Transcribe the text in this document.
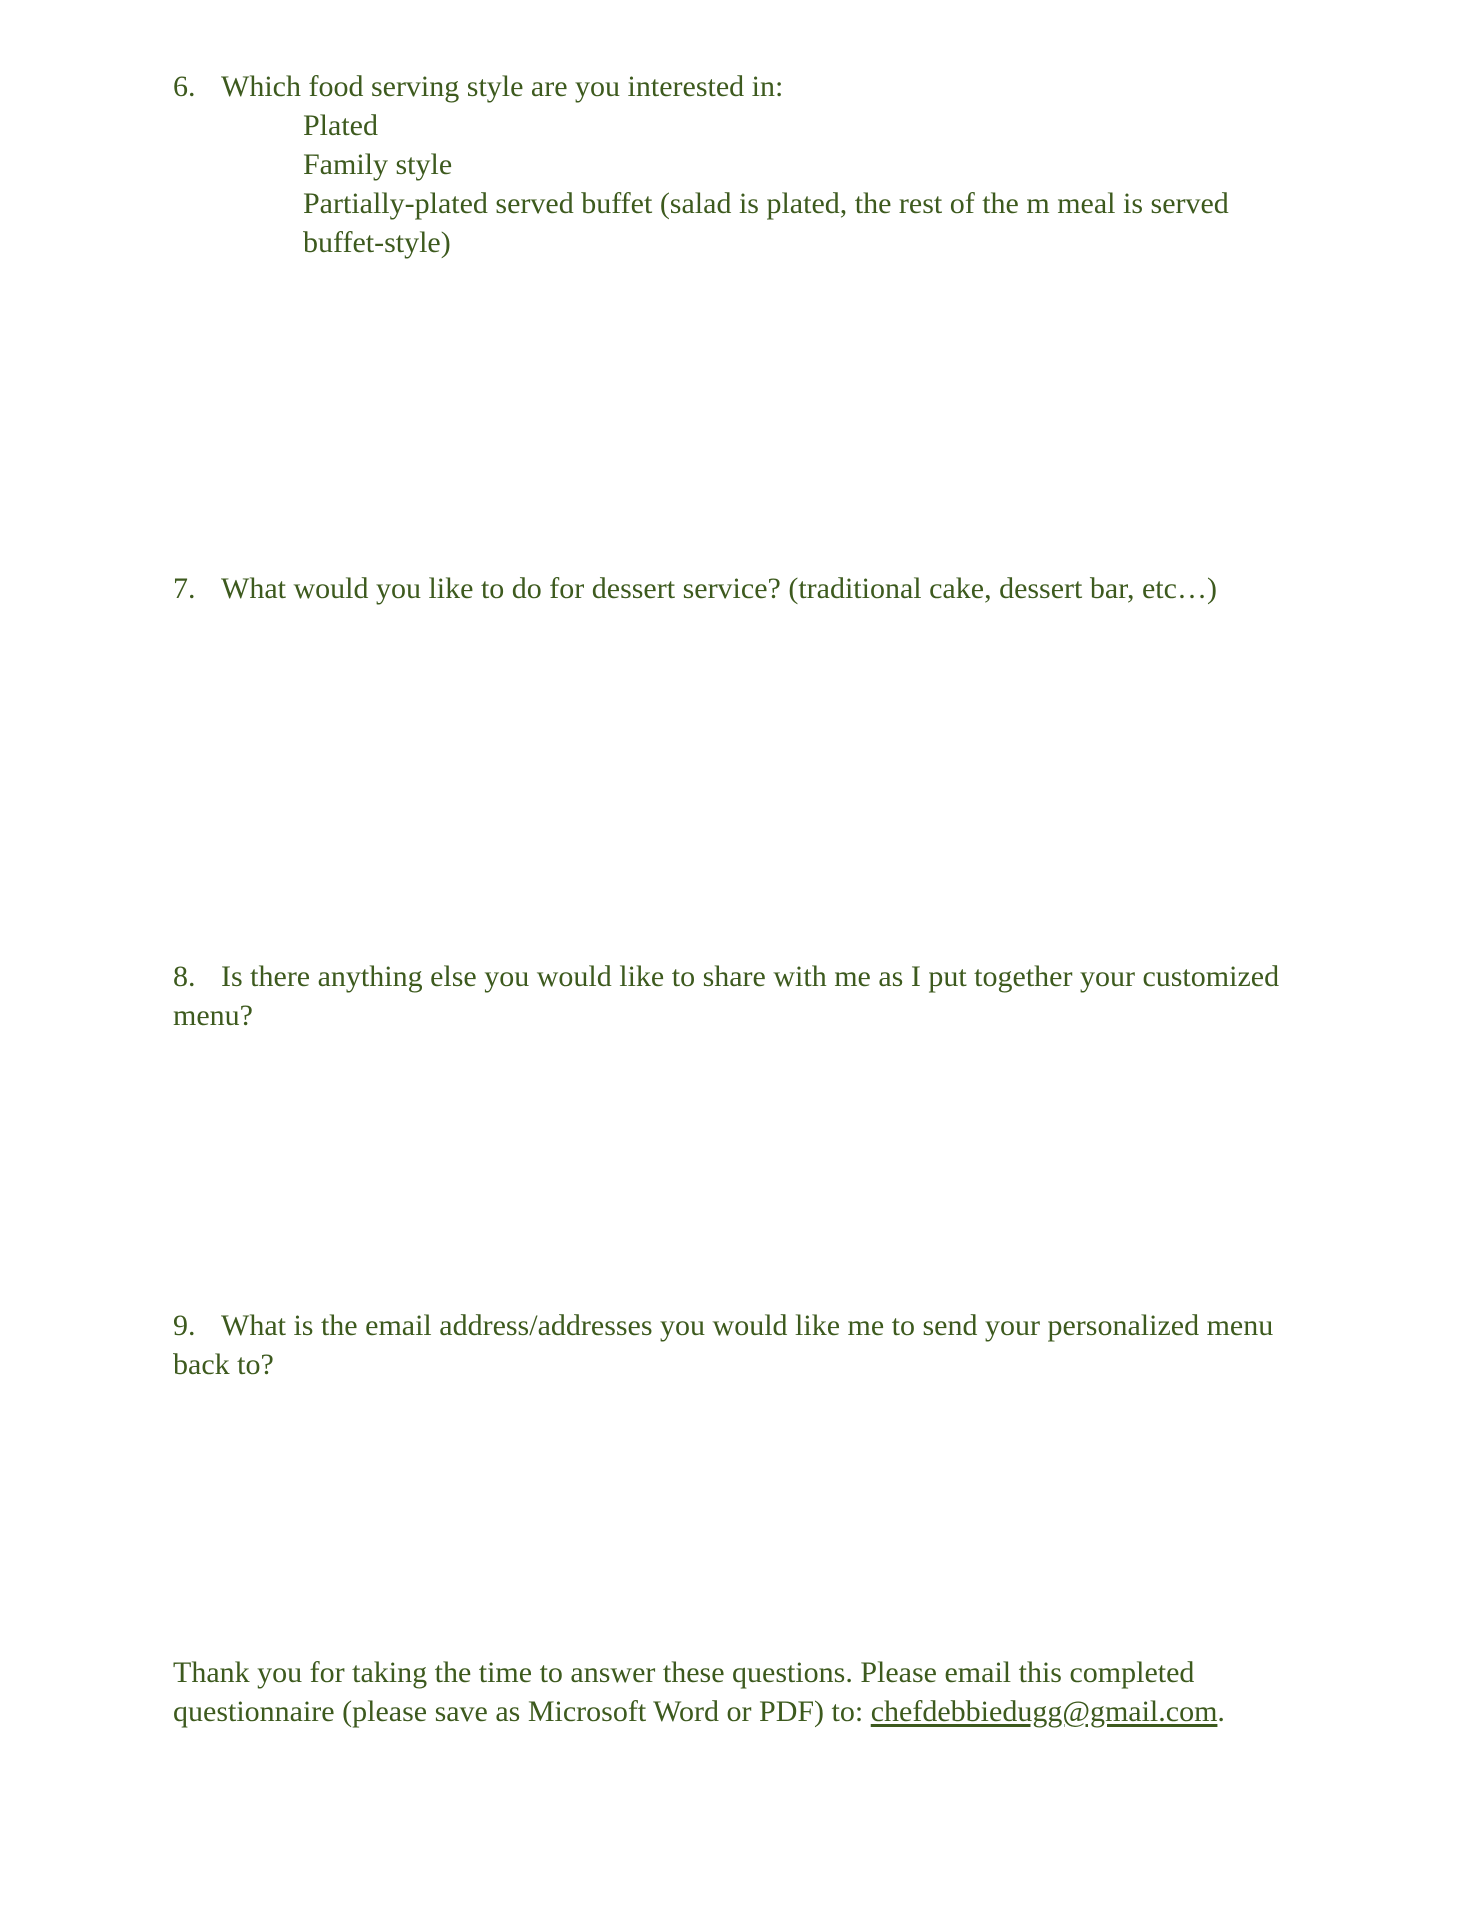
6. Which food serving style are you interested in:
Plated
Family style
Partially-plated served buffet (salad is plated, the rest of the m meal is served buffet-style)
7. What would you like to do for dessert service? (traditional cake, dessert bar, etc…)
8. Is there anything else you would like to share with me as I put together your customized menu?
9. What is the email address/addresses you would like me to send your personalized menu back to?
Thank you for taking the time to answer these questions. Please email this completed questionnaire (please save as Microsoft Word or PDF) to: chefdebbiedugg@gmail.com.
